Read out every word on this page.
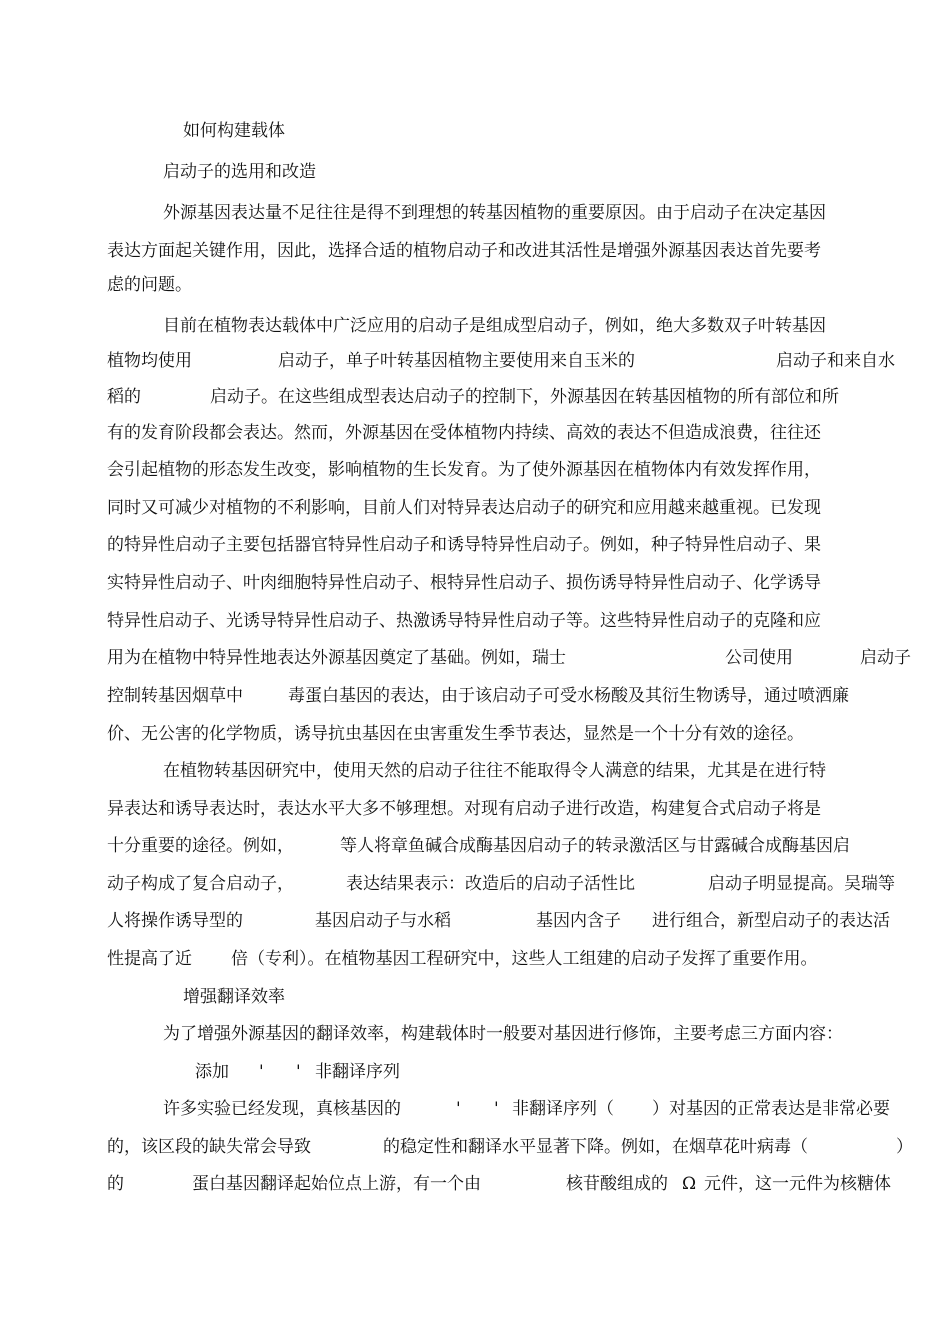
如何构建载体
启动子的选用和改造
外源基因表达量不足往往是得不到理想的转基因植物的重要原因。由于启动子在决定基因
表达方面起关键作用，因此，选择合适的植物启动子和改进其活性是增强外源基因表达首先要考
虑的问题。
目前在植物表达载体中广泛应用的启动子是组成型启动子，例如，绝大多数双子叶转基因
植物均使用	启动子，单子叶转基因植物主要使用来自玉米的	启动子和来自水
稻的	启动子。在这些组成型表达启动子的控制下，外源基因在转基因植物的所有部位和所
有的发育阶段都会表达。然而，外源基因在受体植物内持续、高效的表达不但造成浪费，往往还
会引起植物的形态发生改变，影响植物的生长发育。为了使外源基因在植物体内有效发挥作用，
同时又可减少对植物的不利影响，目前人们对特异表达启动子的研究和应用越来越重视。已发现
的特异性启动子主要包括器官特异性启动子和诱导特异性启动子。例如，种子特异性启动子、果
实特异性启动子、叶肉细胞特异性启动子、根特异性启动子、损伤诱导特异性启动子、化学诱导
特异性启动子、光诱导特异性启动子、热激诱导特异性启动子等。这些特异性启动子的克隆和应
用为在植物中特异性地表达外源基因奠定了基础。例如，瑞士	公司使用	启动子
控制转基因烟草中	毒蛋白基因的表达，由于该启动子可受水杨酸及其衍生物诱导，通过喷洒廉
价、无公害的化学物质，诱导抗虫基因在虫害重发生季节表达，显然是一个十分有效的途径。
在植物转基因研究中，使用天然的启动子往往不能取得令人满意的结果，尤其是在进行特
异表达和诱导表达时，表达水平大多不够理想。对现有启动子进行改造，构建复合式启动子将是
十分重要的途径。例如，	等人将章鱼碱合成酶基因启动子的转录激活区与甘露碱合成酶基因启
动子构成了复合启动子，	表达结果表示：改造后的启动子活性比	启动子明显提高。吴瑞等
人将操作诱导型的	基因启动子与水稻	基因内含子 进行组合，新型启动子的表达活
性提高了近 倍（专利）。在植物基因工程研究中，这些人工组建的启动子发挥了重要作用。
增强翻译效率
为了增强外源基因的翻译效率，构建载体时一般要对基因进行修饰，主要考虑三方面内容：
添加 ' ' 非翻译序列
许多实验已经发现，真核基因的	' ' 非翻译序列（ ）对基因的正常表达是非常必要
的，该区段的缺失常会导致	的稳定性和翻译水平显著下降。例如，在烟草花叶病毒（	）
的	蛋白基因翻译起始位点上游，有一个由	核苷酸组成的 Ω 元件，这一元件为核糖体
